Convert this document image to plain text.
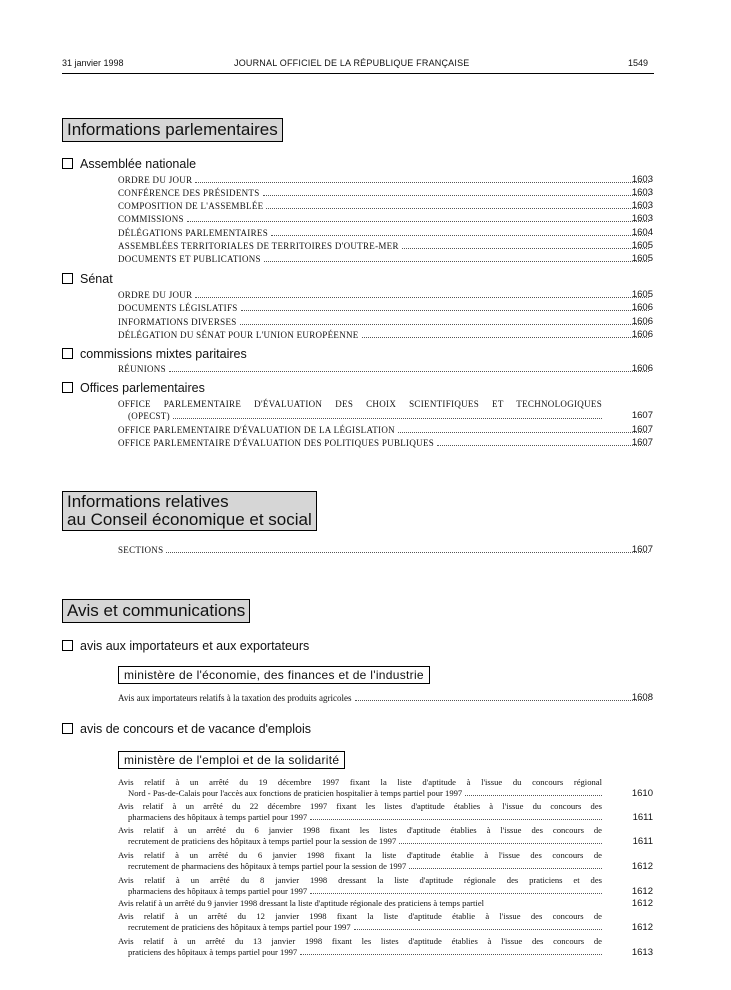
31 janvier 1998	JOURNAL OFFICIEL DE LA RÉPUBLIQUE FRANÇAISE	1549
Informations parlementaires
Assemblée nationale
ORDRE DU JOUR	1603
CONFÉRENCE DES PRÉSIDENTS	1603
COMPOSITION DE L'ASSEMBLÉE	1603
COMMISSIONS	1603
DÉLÉGATIONS PARLEMENTAIRES	1604
ASSEMBLÉES TERRITORIALES DE TERRITOIRES D'OUTRE-MER	1605
DOCUMENTS ET PUBLICATIONS	1605
Sénat
ORDRE DU JOUR	1605
DOCUMENTS LÉGISLATIFS	1606
INFORMATIONS DIVERSES	1606
DÉLÉGATION DU SÉNAT POUR L'UNION EUROPÉENNE	1606
commissions mixtes paritaires
RÉUNIONS	1606
Offices parlementaires
OFFICE PARLEMENTAIRE D'ÉVALUATION DES CHOIX SCIENTIFIQUES ET TECHNOLOGIQUES
(OPECST)	1607
OFFICE PARLEMENTAIRE D'ÉVALUATION DE LA LÉGISLATION	1607
OFFICE PARLEMENTAIRE D'ÉVALUATION DES POLITIQUES PUBLIQUES	1607
Informations relatives
au Conseil économique et social
SECTIONS	1607
Avis et communications
avis aux importateurs et aux exportateurs
ministère de l'économie, des finances et de l'industrie
Avis aux importateurs relatifs à la taxation des produits agricoles	1608
avis de concours et de vacance d'emplois
ministère de l'emploi et de la solidarité
Avis relatif à un arrêté du 19 décembre 1997 fixant la liste d'aptitude à l'issue du concours régional
Nord - Pas-de-Calais pour l'accès aux fonctions de praticien hospitalier à temps partiel pour 1997	1610
Avis relatif à un arrêté du 22 décembre 1997 fixant les listes d'aptitude établies à l'issue du concours des
pharmaciens des hôpitaux à temps partiel pour 1997	1611
Avis relatif à un arrêté du 6 janvier 1998 fixant les listes d'aptitude établies à l'issue des concours de
recrutement de praticiens des hôpitaux à temps partiel pour la session de 1997	1611
Avis relatif à un arrêté du 6 janvier 1998 fixant la liste d'aptitude établie à l'issue des concours de
recrutement de pharmaciens des hôpitaux à temps partiel pour la session de 1997	1612
Avis relatif à un arrêté du 8 janvier 1998 dressant la liste d'aptitude régionale des praticiens et des
pharmaciens des hôpitaux à temps partiel pour 1997	1612
Avis relatif à un arrêté du 9 janvier 1998 dressant la liste d'aptitude régionale des praticiens à temps partiel	1612
Avis relatif à un arrêté du 12 janvier 1998 fixant la liste d'aptitude établie à l'issue des concours de
recrutement de praticiens des hôpitaux à temps partiel pour 1997	1612
Avis relatif à un arrêté du 13 janvier 1998 fixant les listes d'aptitude établies à l'issue des concours de
praticiens des hôpitaux à temps partiel pour 1997	1613
